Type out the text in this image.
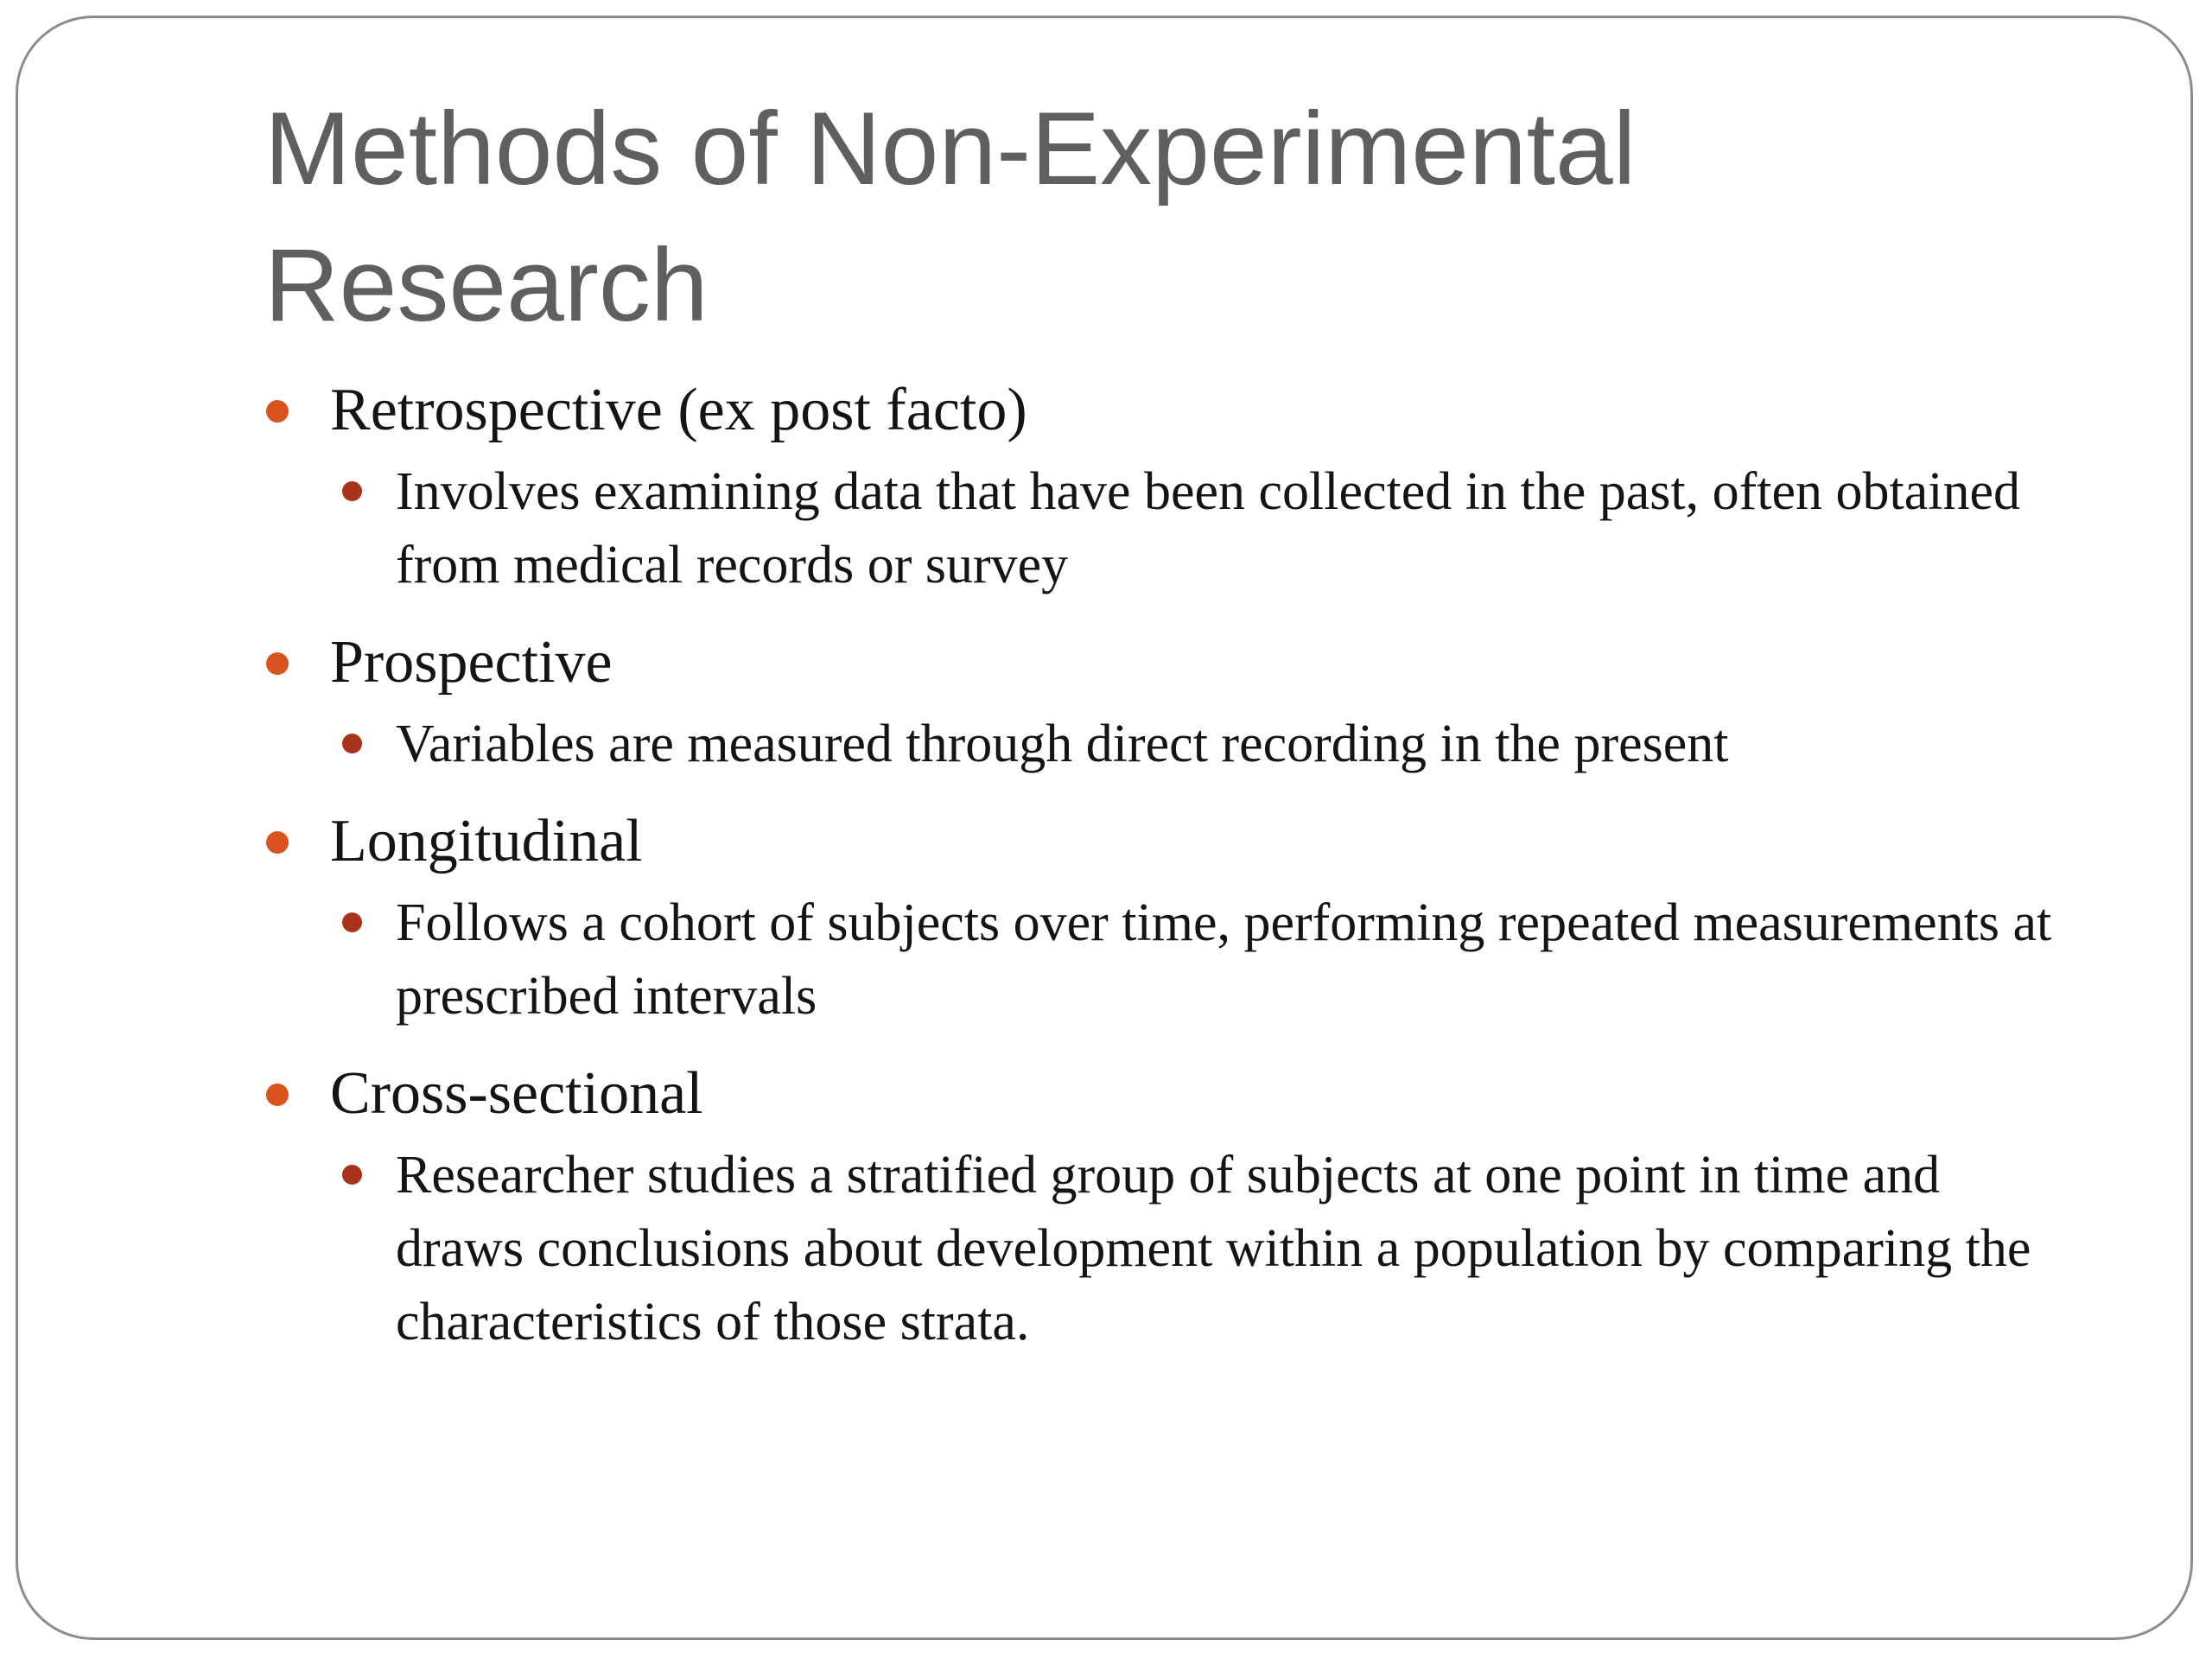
Methods of Non-Experimental Research
Retrospective (ex post facto)
Involves examining data that have been collected in the past, often obtained from medical records or survey
Prospective
Variables are measured through direct recording in the present
Longitudinal
Follows a cohort of subjects over time, performing repeated measurements at prescribed intervals
Cross-sectional
Researcher studies a stratified group of subjects at one point in time and draws conclusions about development within a population by comparing the characteristics of those strata.
